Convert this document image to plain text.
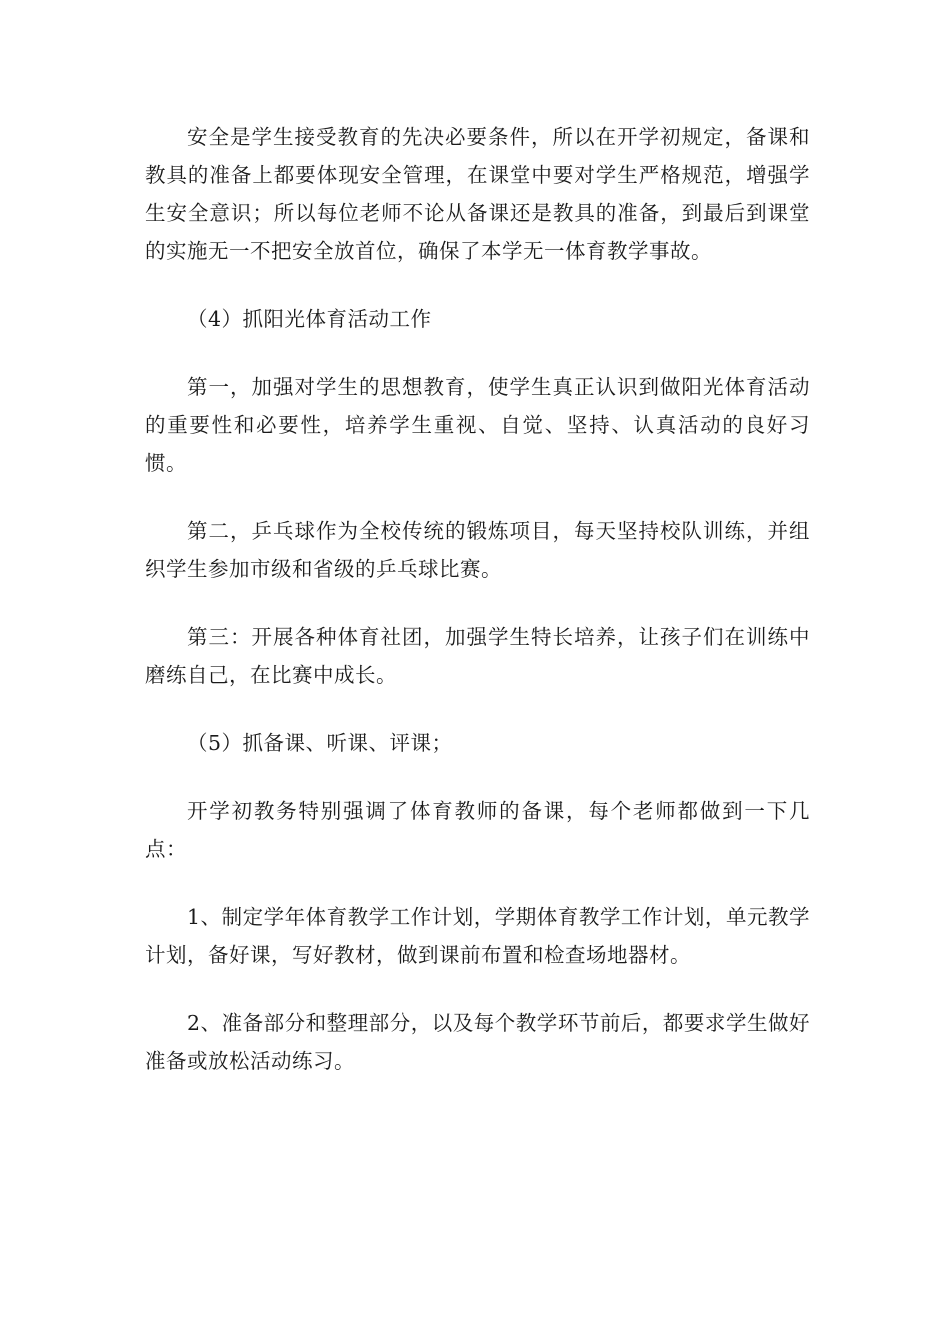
安全是学生接受教育的先决必要条件，所以在开学初规定，备课和教具的准备上都要体现安全管理，在课堂中要对学生严格规范，增强学生安全意识；所以每位老师不论从备课还是教具的准备，到最后到课堂的实施无一不把安全放首位，确保了本学无一体育教学事故。

（4）抓阳光体育活动工作

第一，加强对学生的思想教育，使学生真正认识到做阳光体育活动的重要性和必要性，培养学生重视、自觉、坚持、认真活动的良好习惯。

第二，乒乓球作为全校传统的锻炼项目，每天坚持校队训练，并组织学生参加市级和省级的乒乓球比赛。

第三：开展各种体育社团，加强学生特长培养，让孩子们在训练中磨练自己，在比赛中成长。

（5）抓备课、听课、评课；

开学初教务特别强调了体育教师的备课，每个老师都做到一下几点：

1、制定学年体育教学工作计划，学期体育教学工作计划，单元教学计划，备好课，写好教材，做到课前布置和检查场地器材。

2、准备部分和整理部分，以及每个教学环节前后，都要求学生做好准备或放松活动练习。
